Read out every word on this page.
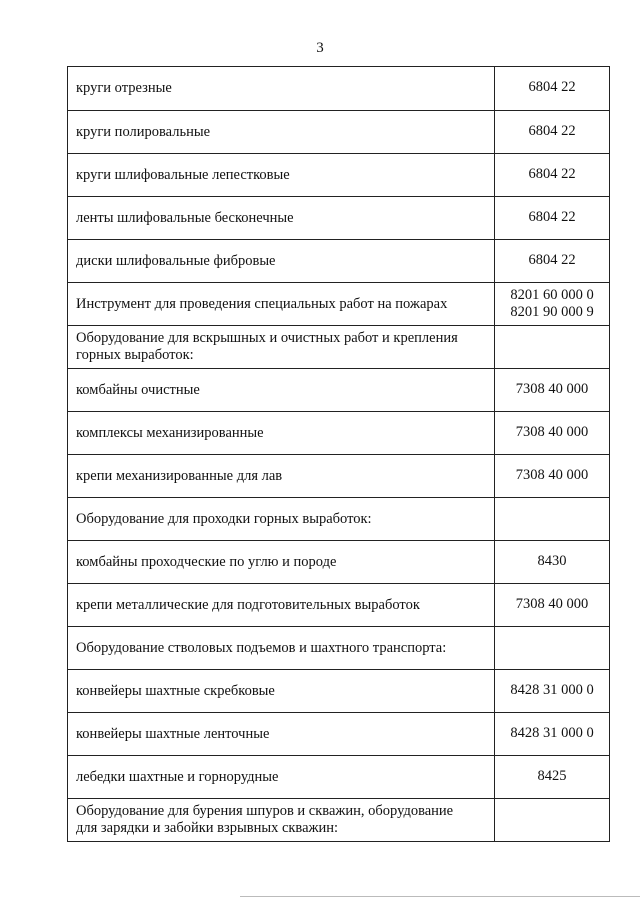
3
круги отрезные	6804 22
круги полировальные	6804 22
круги шлифовальные лепестковые	6804 22
ленты шлифовальные бесконечные	6804 22
диски шлифовальные фибровые	6804 22
Инструмент для проведения специальных работ на пожарах	8201 60 000 0
8201 90 000 9

Оборудование для вскрышных и очистных работ и крепления
горных выработок:	

комбайны очистные	7308 40 000
комплексы механизированные	7308 40 000
крепи механизированные для лав	7308 40 000
Оборудование для проходки горных выработок:	
комбайны проходческие по углю и породе	8430
крепи металлические для подготовительных выработок	7308 40 000
Оборудование стволовых подъемов и шахтного транспорта:	
конвейеры шахтные скребковые	8428 31 000 0
конвейеры шахтные ленточные	8428 31 000 0
лебедки шахтные и горнорудные	8425

Оборудование для бурения шпуров и скважин, оборудование
для зарядки и забойки взрывных скважин:	
